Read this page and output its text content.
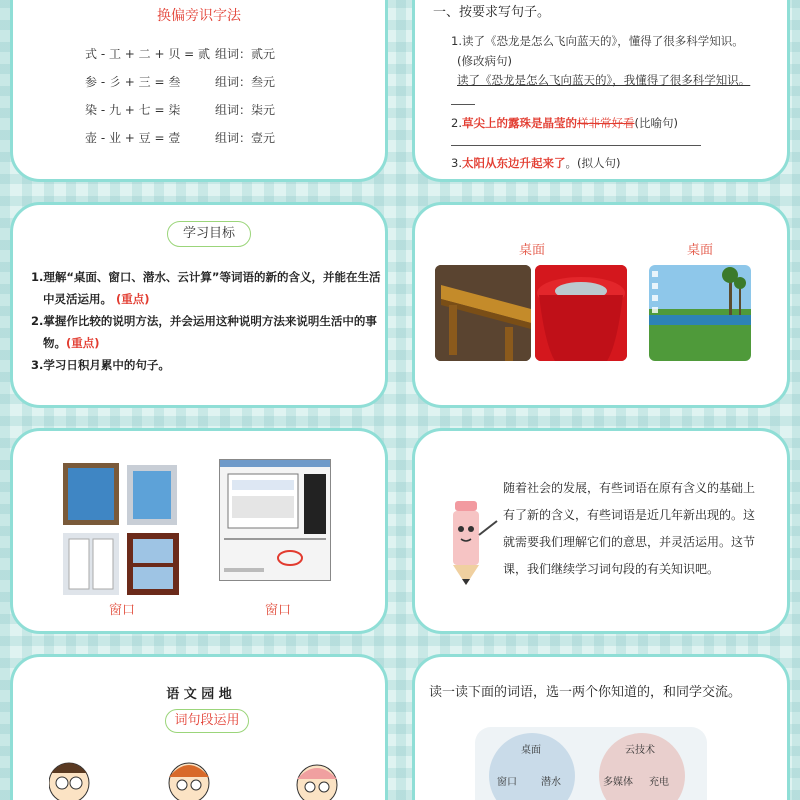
换偏旁识字法
式 - 工 + 二 + 贝 = 贰 组词：贰元
参 - 彡 + 三 = 叁	组词：叁元
染 - 九 + 七 = 柒	组词：柒元
壶 - 业 + 豆 = 壹	组词：壹元
一、按要求写句子。
1.读了《恐龙是怎么飞向蓝天的》，懂得了很多科学知识。
(修改病句)
读了《恐龙是怎么飞向蓝天的》，我懂得了很多科学知识。
2.草尖上的露珠是晶莹的样非常好看(比喻句)
3.太阳从东边升起来了。(拟人句)
学习目标
1.理解“桌面、窗口、潜水、云计算”等词语的新的含义，并能在生活
中灵活运用。 (重点)
2.掌握作比较的说明方法，并会运用这种说明方法来说明生活中的事
物。(重点)
3.学习日积月累中的句子。
桌面	桌面
窗口	窗口
随着社会的发展，有些词语在原有含义的基础上有了新的含义，有些词语是近几年新出现的。这就需要我们理解它们的意思，并灵活运用。这节课，我们继续学习词句段的有关知识吧。
语 文 园 地
词句段运用
读一读下面的词语，选一两个你知道的，和同学交流。
桌面
窗口 潜水
云技术
多媒体 充电
